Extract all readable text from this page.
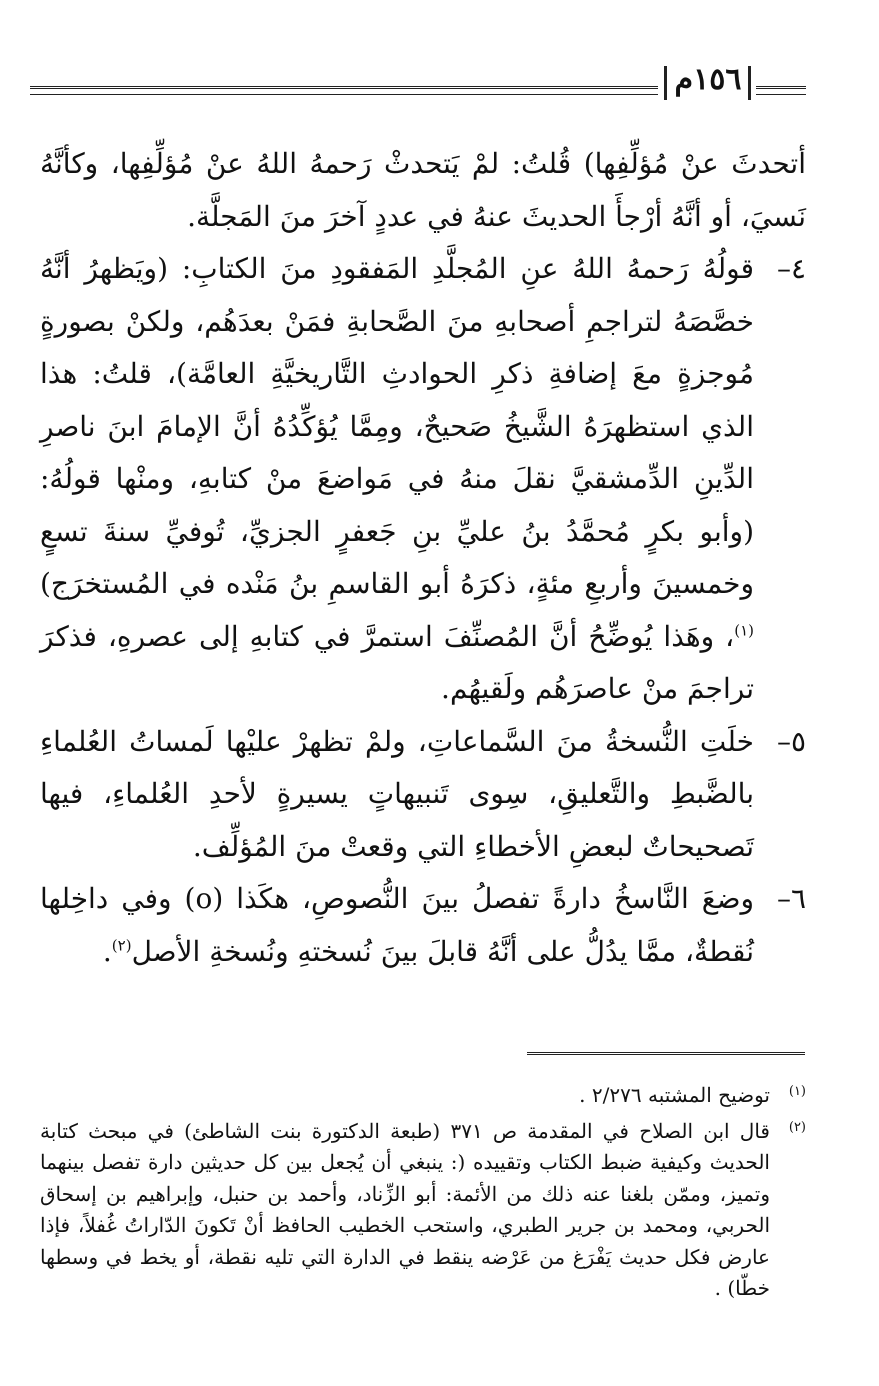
١٥٦م

أتحدثَ عنْ مُؤلِّفِها) قُلتُ: لمْ يَتحدثْ رَحمهُ اللهُ عنْ مُؤلِّفِها، وكأنَّهُ نَسيَ، أو أنَّهُ أرْجأَ الحديثَ عنهُ في عددٍ آخرَ منَ المَجلَّة.

٤–
قولُهُ رَحمهُ اللهُ عنِ المُجلَّدِ المَفقودِ منَ الكتابِ: (ويَظهرُ أنَّهُ خصَّصَهُ لتراجمِ أصحابهِ منَ الصَّحابةِ فمَنْ بعدَهُم، ولكنْ بصورةٍ مُوجزةٍ معَ إضافةِ ذكرِ الحوادثِ التَّاريخيَّةِ العامَّة)، قلتُ: هذا الذي استظهرَهُ الشَّيخُ صَحيحٌ، ومِمَّا يُؤكِّدُهُ أنَّ الإمامَ ابنَ ناصرِ الدِّينِ الدِّمشقيَّ نقلَ منهُ في مَواضعَ منْ كتابهِ، ومنْها قولُهُ: (وأبو بكرٍ مُحمَّدُ بنُ عليِّ بنِ جَعفرٍ الجزيِّ، تُوفيِّ سنةَ تسعٍ وخمسينَ وأربعِ مئةٍ، ذكرَهُ أبو القاسمِ بنُ مَنْده في المُستخرَج)$^{(١)}$، وهَذا يُوضِّحُ أنَّ المُصنِّفَ استمرَّ في كتابهِ إلى عصرهِ، فذكرَ تراجمَ منْ عاصرَهُم ولَقيهُم.
٥–
خلَتِ النُّسخةُ منَ السَّماعاتِ، ولمْ تظهرْ عليْها لَمساتُ العُلماءِ بالضَّبطِ والتَّعليقِ، سِوى تَنبيهاتٍ يسيرةٍ لأحدِ العُلماءِ، فيها تَصحيحاتٌ لبعضِ الأخطاءِ التي وقعتْ منَ المُؤلِّف.
٦–
وضعَ النَّاسخُ دارةً تفصلُ بينَ النُّصوصِ، هكَذا (o) وفي داخِلها نُقطةٌ، ممَّا يدُلُّ على أنَّهُ قابلَ بينَ نُسختهِ ونُسخةِ الأصل$^{(٢)}$.

(١)
توضيح المشتبه ٢/٢٧٦ .

(٢)
قال ابن الصلاح في المقدمة ص ٣٧١ (طبعة الدكتورة بنت الشاطئ) في مبحث كتابة الحديث وكيفية ضبط الكتاب وتقييده (: ينبغي أن يُجعل بين كل حديثين دارة تفصل بينهما وتميز، وممّن بلغنا عنه ذلك من الأئمة: أبو الزِّناد، وأحمد بن حنبل، وإبراهيم بن إسحاق الحربي، ومحمد بن جرير الطبري، واستحب الخطيب الحافظ أنْ تَكونَ الدّاراتُ غُفلاً، فإذا عارض فكل حديث يَفْرَغ من عَرْضه ينقط في الدارة التي تليه نقطة، أو يخط في وسطها خطّا) .
